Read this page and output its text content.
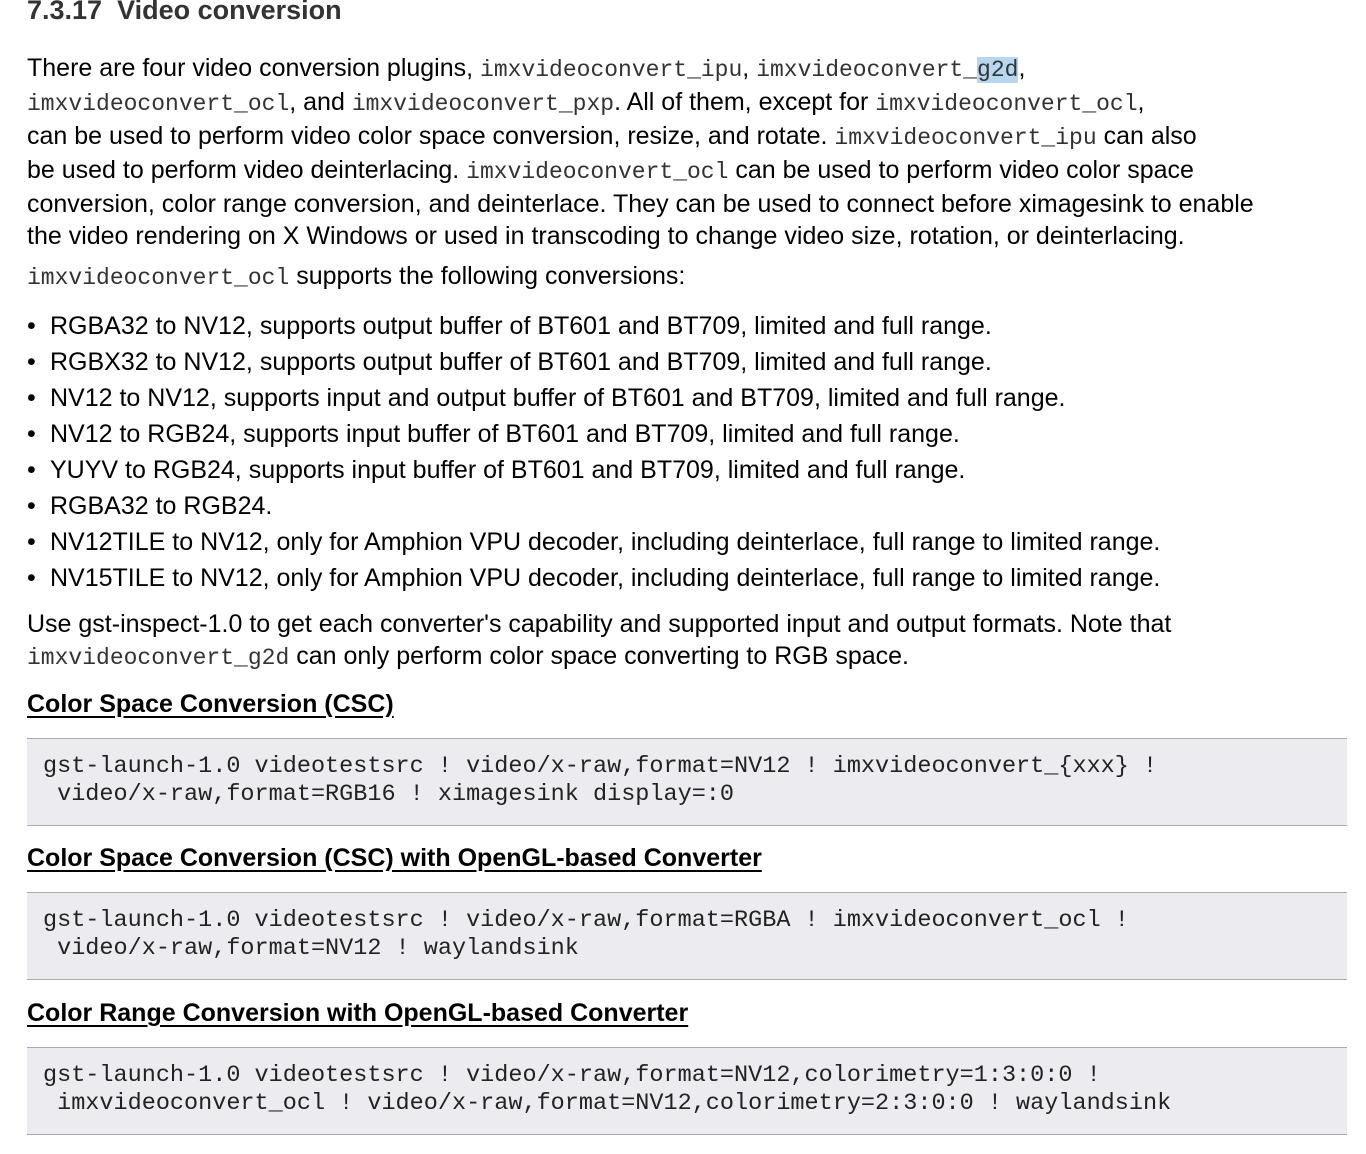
7.3.17 Video conversion

There are four video conversion plugins, imxvideoconvert_ipu, imxvideoconvert_g2d,
imxvideoconvert_ocl, and imxvideoconvert_pxp. All of them, except for imxvideoconvert_ocl,
can be used to perform video color space conversion, resize, and rotate. imxvideoconvert_ipu can also
be used to perform video deinterlacing. imxvideoconvert_ocl can be used to perform video color space
conversion, color range conversion, and deinterlace. They can be used to connect before ximagesink to enable
the video rendering on X Windows or used in transcoding to change video size, rotation, or deinterlacing.

imxvideoconvert_ocl supports the following conversions:

• RGBA32 to NV12, supports output buffer of BT601 and BT709, limited and full range.
• RGBX32 to NV12, supports output buffer of BT601 and BT709, limited and full range.
• NV12 to NV12, supports input and output buffer of BT601 and BT709, limited and full range.
• NV12 to RGB24, supports input buffer of BT601 and BT709, limited and full range.
• YUYV to RGB24, supports input buffer of BT601 and BT709, limited and full range.
• RGBA32 to RGB24.
• NV12TILE to NV12, only for Amphion VPU decoder, including deinterlace, full range to limited range.
• NV15TILE to NV12, only for Amphion VPU decoder, including deinterlace, full range to limited range.

Use gst-inspect-1.0 to get each converter's capability and supported input and output formats. Note that
imxvideoconvert_g2d can only perform color space converting to RGB space.

Color Space Conversion (CSC)
gst-launch-1.0 videotestsrc ! video/x-raw,format=NV12 ! imxvideoconvert_{xxx} !
video/x-raw,format=RGB16 ! ximagesink display=:0
Color Space Conversion (CSC) with OpenGL-based Converter
gst-launch-1.0 videotestsrc ! video/x-raw,format=RGBA ! imxvideoconvert_ocl !
video/x-raw,format=NV12 ! waylandsink
Color Range Conversion with OpenGL-based Converter
gst-launch-1.0 videotestsrc ! video/x-raw,format=NV12,colorimetry=1:3:0:0 !
imxvideoconvert_ocl ! video/x-raw,format=NV12,colorimetry=2:3:0:0 ! waylandsink
